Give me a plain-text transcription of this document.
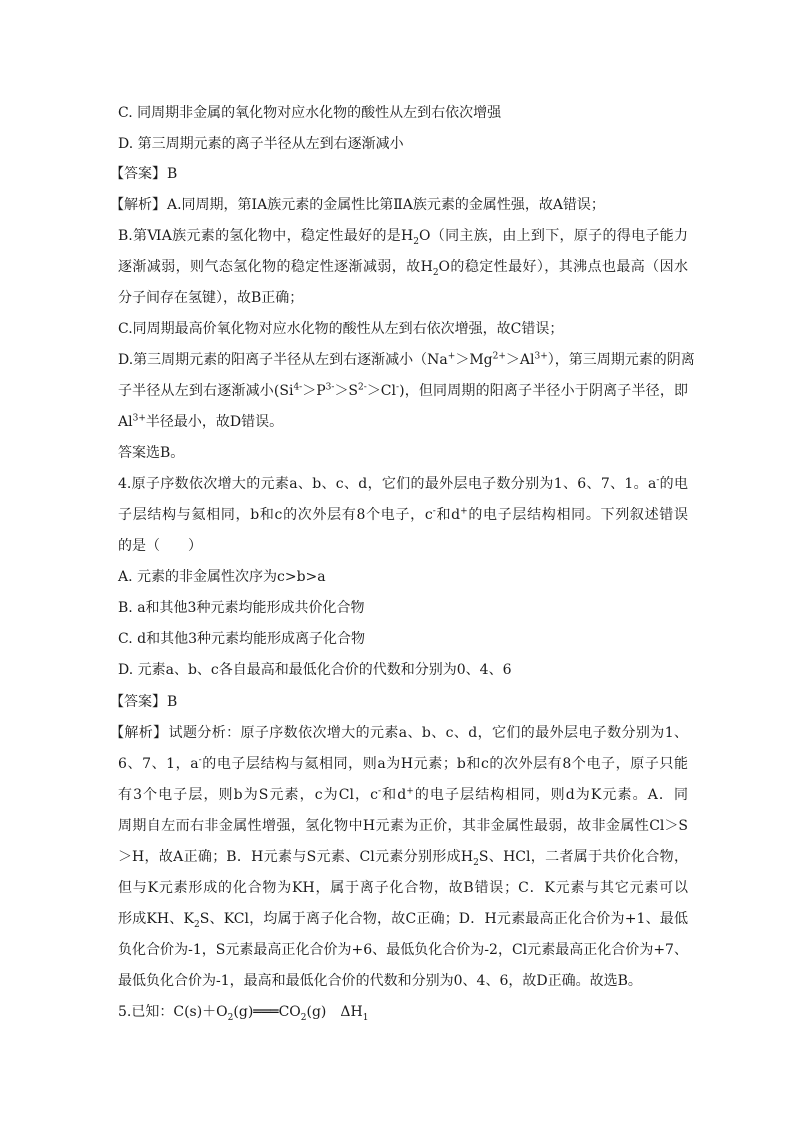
C. 同周期非金属的氧化物对应水化物的酸性从左到右依次增强
D. 第三周期元素的离子半径从左到右逐渐减小
【答案】B
【解析】A.同周期，第ⅠA族元素的金属性比第ⅡA族元素的金属性强，故A错误；
B.第ⅥA族元素的氢化物中，稳定性最好的是$H_2O$（同主族，由上到下，原子的得电子能力
逐渐减弱，则气态氢化物的稳定性逐渐减弱，故$H_2O$的稳定性最好），其沸点也最高（因水
分子间存在氢键），故B正确；
C.同周期最高价氧化物对应水化物的酸性从左到右依次增强，故C错误；
D.第三周期元素的阳离子半径从左到右逐渐减小$(Na^+>Mg^{2+}>Al^{3+})$，第三周期元素的阴离
子半径从左到右逐渐减小$(Si^{4-}>P^{3-}>S^{2-}>Cl^-)$，但同周期的阳离子半径小于阴离子半径，即
$Al^{3+}$半径最小，故D错误。
答案选B。
4.原子序数依次增大的元素a、b、c、d，它们的最外层电子数分别为1、6、7、1。a-的电
子层结构与氦相同，b和c的次外层有8个电子，c-和d+的电子层结构相同。下列叙述错误
的是（　　）
A. 元素的非金属性次序为c>b>a
B. a和其他3种元素均能形成共价化合物
C. d和其他3种元素均能形成离子化合物
D. 元素a、b、c各自最高和最低化合价的代数和分别为0、4、6
【答案】B
【解析】试题分析：原子序数依次增大的元素a、b、c、d，它们的最外层电子数分别为1、
6、7、1，a-的电子层结构与氦相同，则a为H元素；b和c的次外层有8个电子，原子只能
有3个电子层，则b为S元素，c为Cl，c-和d+的电子层结构相同，则d为K元素。A．同
周期自左而右非金属性增强，氢化物中H元素为正价，其非金属性最弱，故非金属性Cl＞S
＞H，故A正确；B．H元素与S元素、Cl元素分别形成$H_2S$、HCl，二者属于共价化合物，
但与K元素形成的化合物为KH，属于离子化合物，故B错误；C．K元素与其它元素可以
形成KH、$K_2S$、KCl，均属于离子化合物，故C正确；D．H元素最高正化合价为+1、最低
负化合价为-1，S元素最高正化合价为+6、最低负化合价为-2，Cl元素最高正化合价为+7、
最低负化合价为-1，最高和最低化合价的代数和分别为0、4、6，故D正确。故选B。
5.已知：$C(s)+O_2(g)═══CO_2(g)$　$\Delta H_1$
